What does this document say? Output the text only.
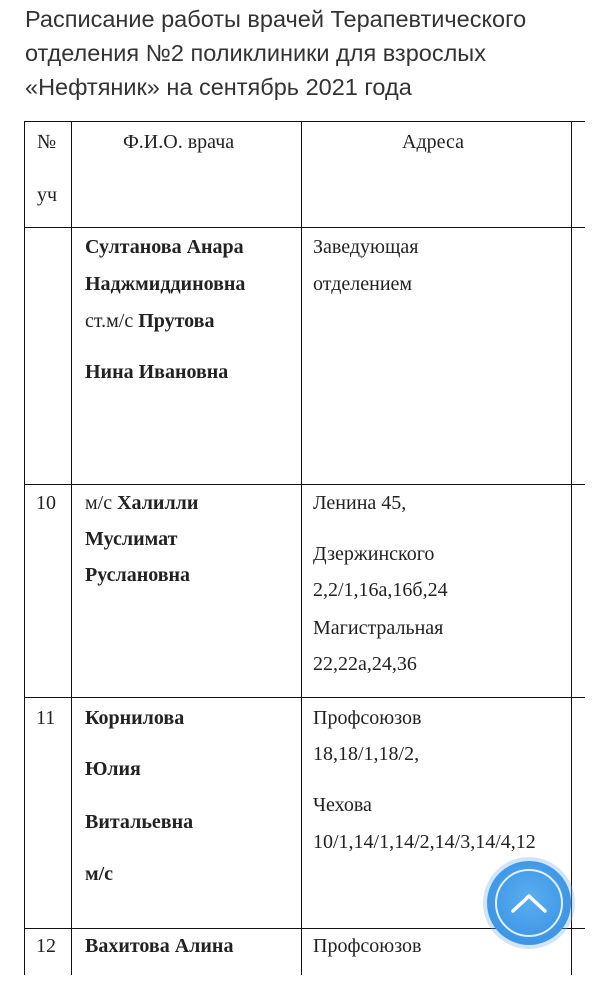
Расписание работы врачей Терапевтического
отделения №2 поликлиники для взрослых
«Нефтяник» на сентябрь 2021 года
№
уч
Ф.И.О. врача	Адреса
Султанова Анара
Наджмиддиновна
ст.м/с Прутова
Нина Ивановна
Заведующая
отделением
10 м/с Халилли
Муслимат
Руслановна
Ленина 45,
Дзержинского
2,2/1,16а,16б,24
Магистральная
22,22а,24,36
11 Корнилова
Юлия
Витальевна
м/с
Профсоюзов
18,18/1,18/2,
Чехова
10/1,14/1,14/2,14/3,14/4,12
12 Вахитова Алина	Профсоюзов
